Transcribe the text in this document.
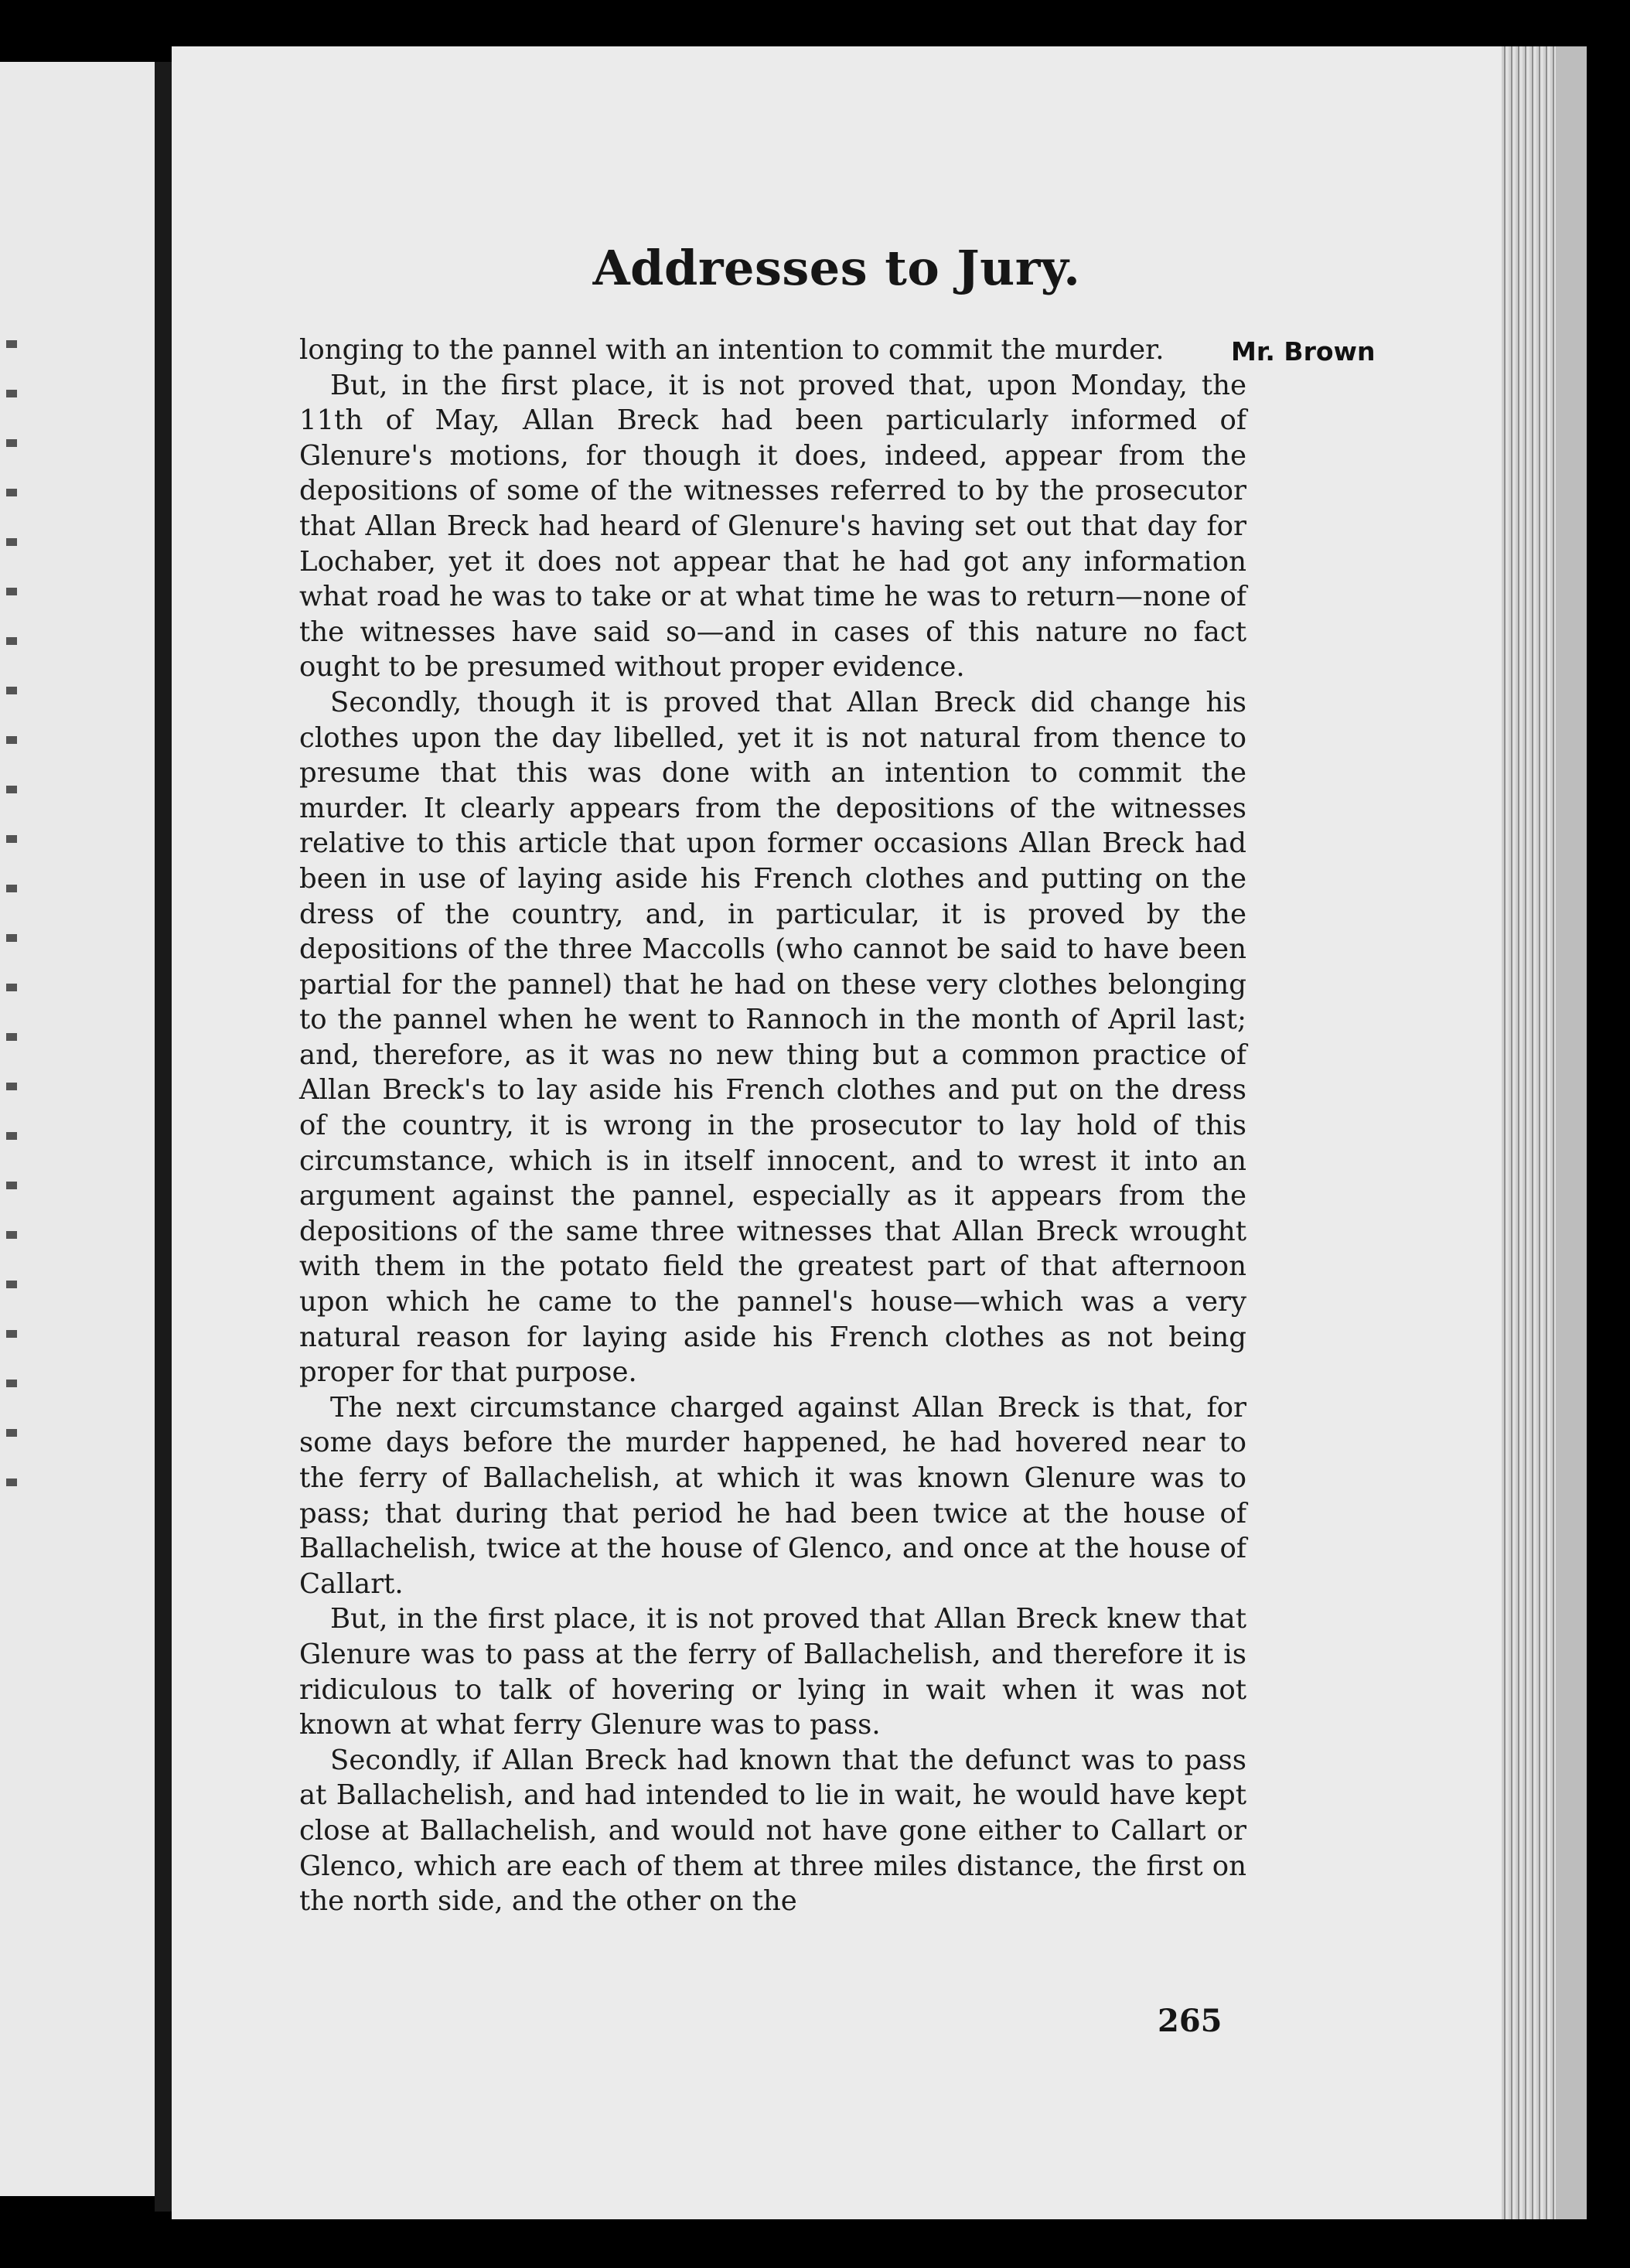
Addresses to Jury.
Mr. Brown

longing to the pannel with an intention to commit the murder.

But, in the first place, it is not proved that, upon Monday, the 11th of May, Allan Breck had been particularly informed of Glenure's motions, for though it does, indeed, appear from the depositions of some of the witnesses referred to by the prosecutor that Allan Breck had heard of Glenure's having set out that day for Lochaber, yet it does not appear that he had got any information what road he was to take or at what time he was to return—none of the witnesses have said so—and in cases of this nature no fact ought to be presumed without proper evidence.

Secondly, though it is proved that Allan Breck did change his clothes upon the day libelled, yet it is not natural from thence to presume that this was done with an intention to commit the murder. It clearly appears from the depositions of the witnesses relative to this article that upon former occasions Allan Breck had been in use of laying aside his French clothes and putting on the dress of the country, and, in particular, it is proved by the depositions of the three Maccolls (who cannot be said to have been partial for the pannel) that he had on these very clothes belonging to the pannel when he went to Rannoch in the month of April last; and, therefore, as it was no new thing but a common practice of Allan Breck's to lay aside his French clothes and put on the dress of the country, it is wrong in the prosecutor to lay hold of this circumstance, which is in itself innocent, and to wrest it into an argument against the pannel, especially as it appears from the depositions of the same three witnesses that Allan Breck wrought with them in the potato field the greatest part of that afternoon upon which he came to the pannel's house—which was a very natural reason for laying aside his French clothes as not being proper for that purpose.

The next circumstance charged against Allan Breck is that, for some days before the murder happened, he had hovered near to the ferry of Ballachelish, at which it was known Glenure was to pass; that during that period he had been twice at the house of Ballachelish, twice at the house of Glenco, and once at the house of Callart.

But, in the first place, it is not proved that Allan Breck knew that Glenure was to pass at the ferry of Ballachelish, and therefore it is ridiculous to talk of hovering or lying in wait when it was not known at what ferry Glenure was to pass.

Secondly, if Allan Breck had known that the defunct was to pass at Ballachelish, and had intended to lie in wait, he would have kept close at Ballachelish, and would not have gone either to Callart or Glenco, which are each of them at three miles distance, the first on the north side, and the other on the

265
